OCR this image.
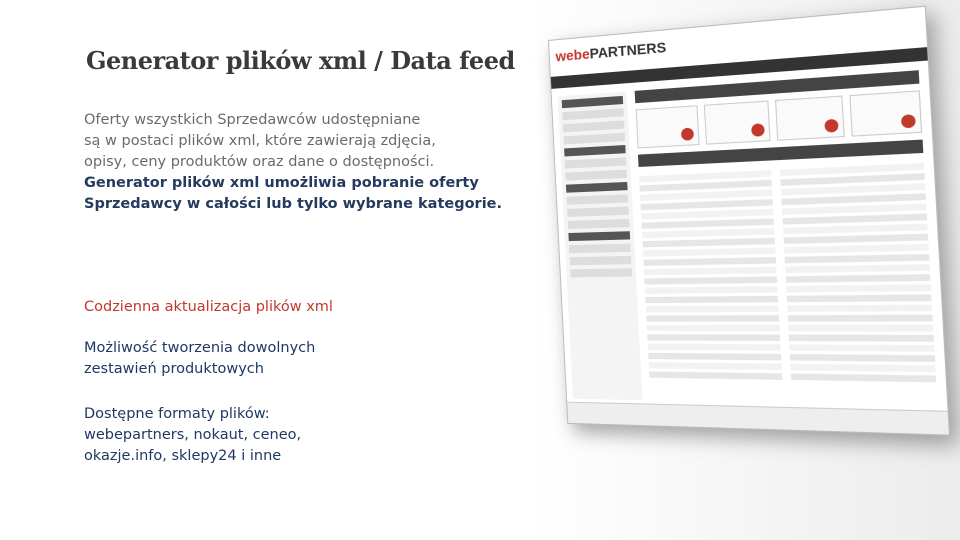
Generator plików xml / Data feed
Oferty wszystkich Sprzedawców udostępniane
są w postaci plików xml, które zawierają zdjęcia,
opisy, ceny produktów oraz dane o dostępności.
Generator plików xml umożliwia pobranie oferty
Sprzedawcy w całości lub tylko wybrane kategorie.
Codzienna aktualizacja plików xml
Możliwość tworzenia dowolnych
zestawień produktowych
Dostępne formaty plików:
webepartners, nokaut, ceneo,
okazje.info, sklepy24 i inne
webePARTNERS
